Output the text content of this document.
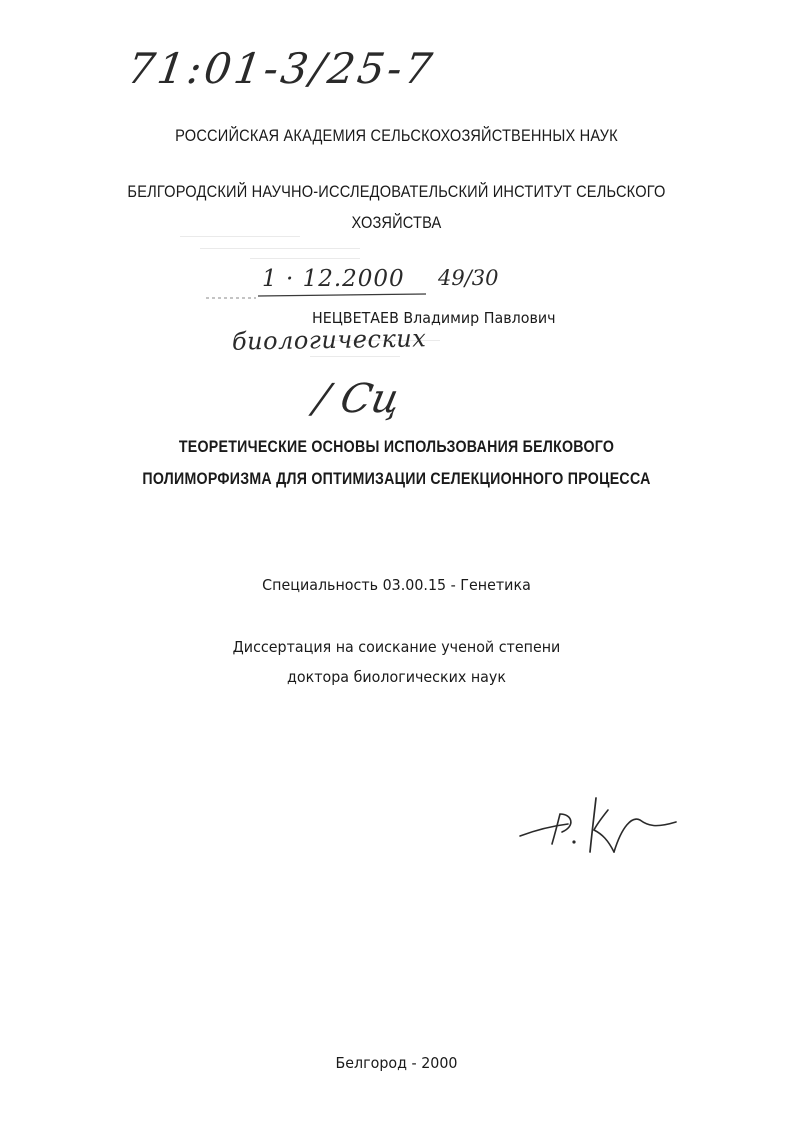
71:01-3/25-7
РОССИЙСКАЯ АКАДЕМИЯ СЕЛЬСКОХОЗЯЙСТВЕННЫХ НАУК
БЕЛГОРОДСКИЙ НАУЧНО-ИССЛЕДОВАТЕЛЬСКИЙ ИНСТИТУТ СЕЛЬСКОГО
ХОЗЯЙСТВА
1 · 12.2000 49/30
НЕЦВЕТАЕВ Владимир Павлович
биологических
/ Сц
ТЕОРЕТИЧЕСКИЕ ОСНОВЫ ИСПОЛЬЗОВАНИЯ БЕЛКОВОГО
ПОЛИМОРФИЗМА ДЛЯ ОПТИМИЗАЦИИ СЕЛЕКЦИОННОГО ПРОЦЕССА
Специальность 03.00.15 - Генетика
Диссертация на соискание ученой степени
доктора биологических наук
Белгород - 2000
